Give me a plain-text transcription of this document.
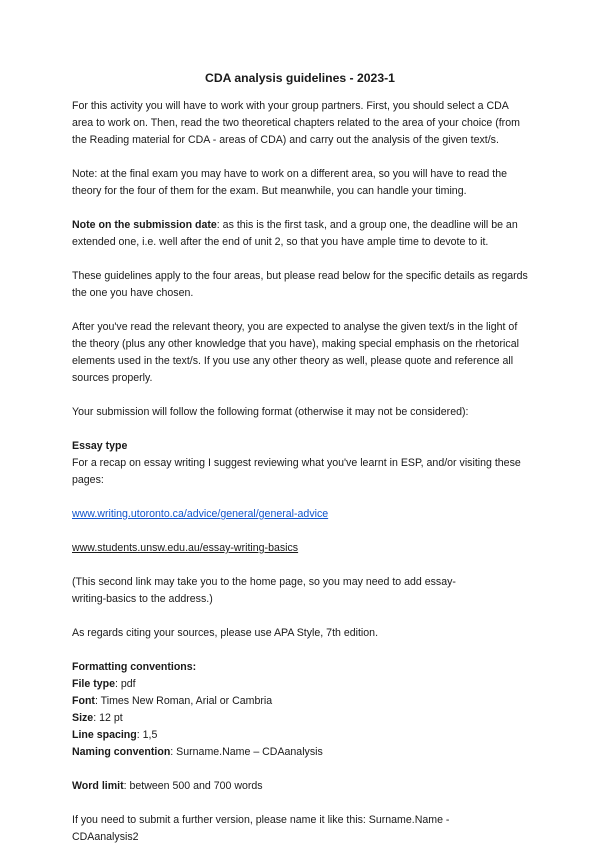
CDA analysis guidelines - 2023-1

For this activity you will have to work with your group partners. First, you should select a CDA area to work on. Then, read the two theoretical chapters related to the area of your choice (from the Reading material for CDA - areas of CDA) and carry out the analysis of the given text/s.

Note: at the final exam you may have to work on a different area, so you will have to read the theory for the four of them for the exam. But meanwhile, you can handle your timing.

Note on the submission date: as this is the first task, and a group one, the deadline will be an extended one, i.e. well after the end of unit 2, so that you have ample time to devote to it.

These guidelines apply to the four areas, but please read below for the specific details as regards the one you have chosen.

After you've read the relevant theory, you are expected to analyse the given text/s in the light of the theory (plus any other knowledge that you have), making special emphasis on the rhetorical elements used in the text/s. If you use any other theory as well, please quote and reference all sources properly.

Your submission will follow the following format (otherwise it may not be considered):

Essay type
For a recap on essay writing I suggest reviewing what you've learnt in ESP, and/or visiting these pages:

www.writing.utoronto.ca/advice/general/general-advice

www.students.unsw.edu.au/essay-writing-basics

(This second link may take you to the home page, so you may need to add essay-writing-basics to the address.)

As regards citing your sources, please use APA Style, 7th edition.

Formatting conventions:
File type: pdf
Font: Times New Roman, Arial or Cambria
Size: 12 pt
Line spacing: 1,5
Naming convention: Surname.Name – CDAanalysis

Word limit: between 500 and 700 words

If you need to submit a further version, please name it like this: Surname.Name - CDAanalysis2
